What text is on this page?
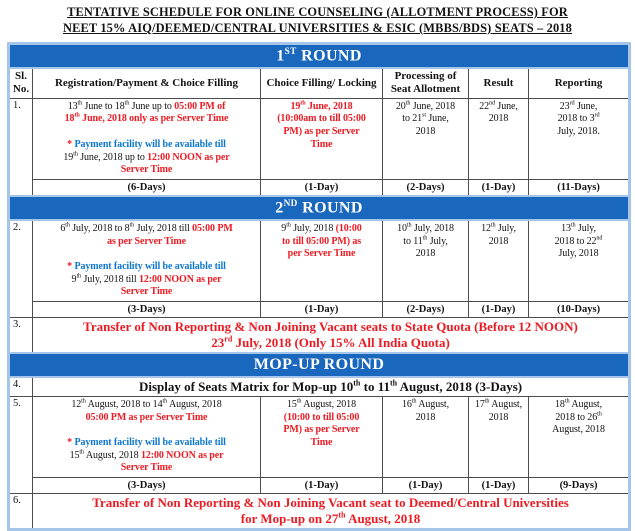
TENTATIVE SCHEDULE FOR ONLINE COUNSELING (ALLOTMENT PROCESS) FOR
NEET 15% AIQ/DEEMED/CENTRAL UNIVERSITIES & ESIC (MBBS/BDS) SEATS – 2018
1ST ROUND					
Sl. No.	Registration/Payment & Choice Filling	Choice Filling/ Locking	Processing of Seat Allotment	Result	Reporting
1.	13th June to 18th June up to 05:00 PM of
18th June, 2018 only as per Server Time

* Payment facility will be available till
19th June, 2018 up to 12:00 NOON as per
Server Time	19th June, 2018
(10:00am to till 05:00
PM) as per Server
Time	20th June, 2018
to 21st June,
2018	22nd June,
2018	23rd June,
2018 to 3rd
July, 2018.
	(6-Days)	(1-Day)	(2-Days)	(1-Day)	(11-Days)
2ND ROUND					
2.	6th July, 2018 to 8th July, 2018 till 05:00 PM
as per Server Time

* Payment facility will be available till
9th July, 2018 till 12:00 NOON as per
Server Time	9th July, 2018 (10:00
to till 05:00 PM) as
per Server Time	10th July, 2018
to 11th July,
2018	12th July,
2018	13th July,
2018 to 22nd
July, 2018
	(3-Days)	(1-Day)	(2-Days)	(1-Day)	(10-Days)
3.	Transfer of Non Reporting & Non Joining Vacant seats to State Quota (Before 12 NOON)
23rd July, 2018 (Only 15% All India Quota)				
MOP-UP ROUND					
4.	Display of Seats Matrix for Mop-up 10th to 11th August, 2018 (3-Days)				
5.	12th August, 2018 to 14th August, 2018
05:00 PM as per Server Time

* Payment facility will be available till
15th August, 2018 12:00 NOON as per
Server Time	15th August, 2018
(10:00 to till 05:00
PM) as per Server
Time	16th August,
2018	17th August,
2018	18th August,
2018 to 26th
August, 2018
	(3-Days)	(1-Day)	(1-Day)	(1-Day)	(9-Days)
6.	Transfer of Non Reporting & Non Joining Vacant seat to Deemed/Central Universities
for Mop-up on 27th August, 2018				
